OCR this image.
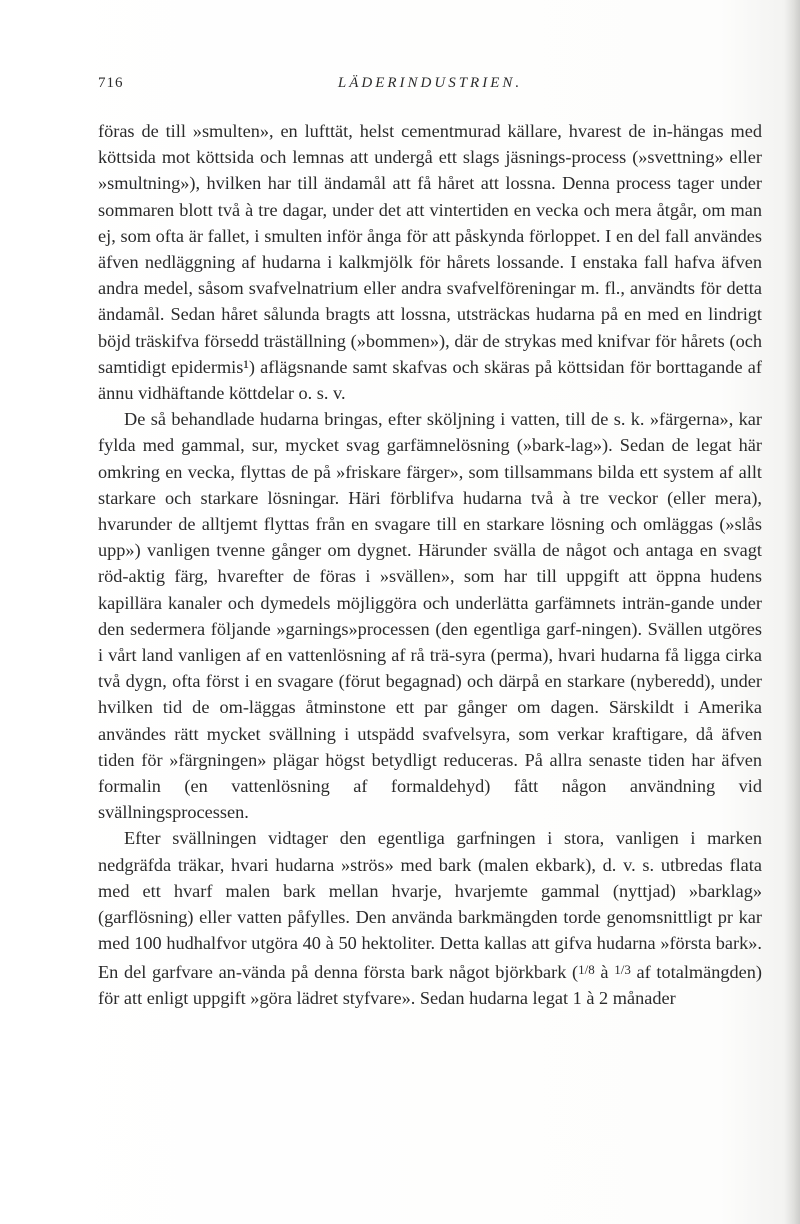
716	LÄDERINDUSTRIEN.

föras de till »smulten», en lufttät, helst cementmurad källare, hvarest de in-hängas med köttsida mot köttsida och lemnas att undergå ett slags jäsnings-process (»svettning» eller »smultning»), hvilken har till ändamål att få håret att lossna. Denna process tager under sommaren blott två à tre dagar, under det att vintertiden en vecka och mera åtgår, om man ej, som ofta är fallet, i smulten inför ånga för att påskynda förloppet. I en del fall användes äfven nedläggning af hudarna i kalkmjölk för hårets lossande. I enstaka fall hafva äfven andra medel, såsom svafvelnatrium eller andra svafvelföreningar m. fl., användts för detta ändamål. Sedan håret sålunda bragts att lossna, utsträckas hudarna på en med en lindrigt böjd träskifva försedd träställning (»bommen»), där de strykas med knifvar för hårets (och samtidigt epidermis¹) aflägsnande samt skafvas och skäras på köttsidan för borttagande af ännu vidhäftande köttdelar o. s. v.

De så behandlade hudarna bringas, efter sköljning i vatten, till de s. k. »färgerna», kar fylda med gammal, sur, mycket svag garfämnelösning (»bark-lag»). Sedan de legat här omkring en vecka, flyttas de på »friskare färger», som tillsammans bilda ett system af allt starkare och starkare lösningar. Häri förblifva hudarna två à tre veckor (eller mera), hvarunder de alltjemt flyttas från en svagare till en starkare lösning och omläggas (»slås upp») vanligen tvenne gånger om dygnet. Härunder svälla de något och antaga en svagt röd-aktig färg, hvarefter de föras i »svällen», som har till uppgift att öppna hudens kapillära kanaler och dymedels möjliggöra och underlätta garfämnets inträn-gande under den sedermera följande »garnings»processen (den egentliga garf-ningen). Svällen utgöres i vårt land vanligen af en vattenlösning af rå trä-syra (perma), hvari hudarna få ligga cirka två dygn, ofta först i en svagare (förut begagnad) och därpå en starkare (nyberedd), under hvilken tid de om-läggas åtminstone ett par gånger om dagen. Särskildt i Amerika användes rätt mycket svällning i utspädd svafvelsyra, som verkar kraftigare, då äfven tiden för »färgningen» plägar högst betydligt reduceras. På allra senaste tiden har äfven formalin (en vattenlösning af formaldehyd) fått någon användning vid svällningsprocessen.

Efter svällningen vidtager den egentliga garfningen i stora, vanligen i marken nedgräfda träkar, hvari hudarna »strös» med bark (malen ekbark), d. v. s. utbredas flata med ett hvarf malen bark mellan hvarje, hvarjemte gammal (nyttjad) »barklag» (garflösning) eller vatten påfylles. Den använda barkmängden torde genomsnittligt pr kar med 100 hudhalfvor utgöra 40 à 50 hektoliter. Detta kallas att gifva hudarna »första bark». En del garfvare an-vända på denna första bark något björkbark ($^{1/8}$ à $^{1/3}$ af totalmängden) för att enligt uppgift »göra lädret styfvare». Sedan hudarna legat 1 à 2 månader
